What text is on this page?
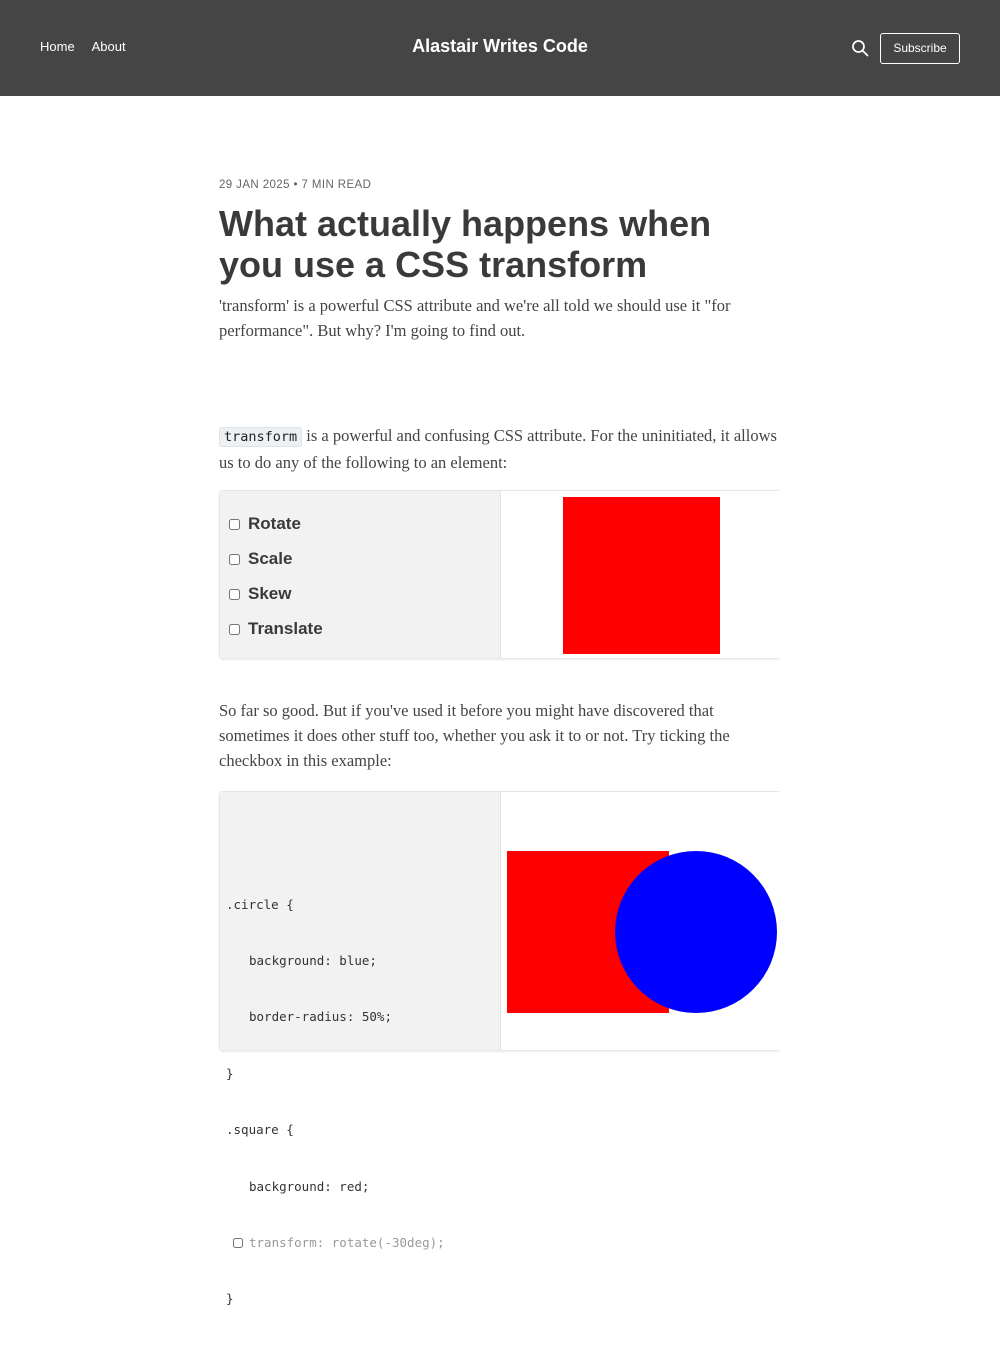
Home About	Alastair Writes Code	Subscribe
29 JAN 2025 • 7 MIN READ
What actually happens when you use a CSS transform

'transform' is a powerful CSS attribute and we're all told we should use it "for performance". But why? I'm going to find out.

transform is a powerful and confusing CSS attribute. For the uninitiated, it allows us to do any of the following to an element:

Rotate
Scale
Skew
Translate

So far so good. But if you've used it before you might have discovered that sometimes it does other stuff too, whether you ask it to or not. Try ticking the checkbox in this example:

.circle {

background: blue;

border-radius: 50%;

}

.square {

background: red;

transform: rotate(-30deg);

}
